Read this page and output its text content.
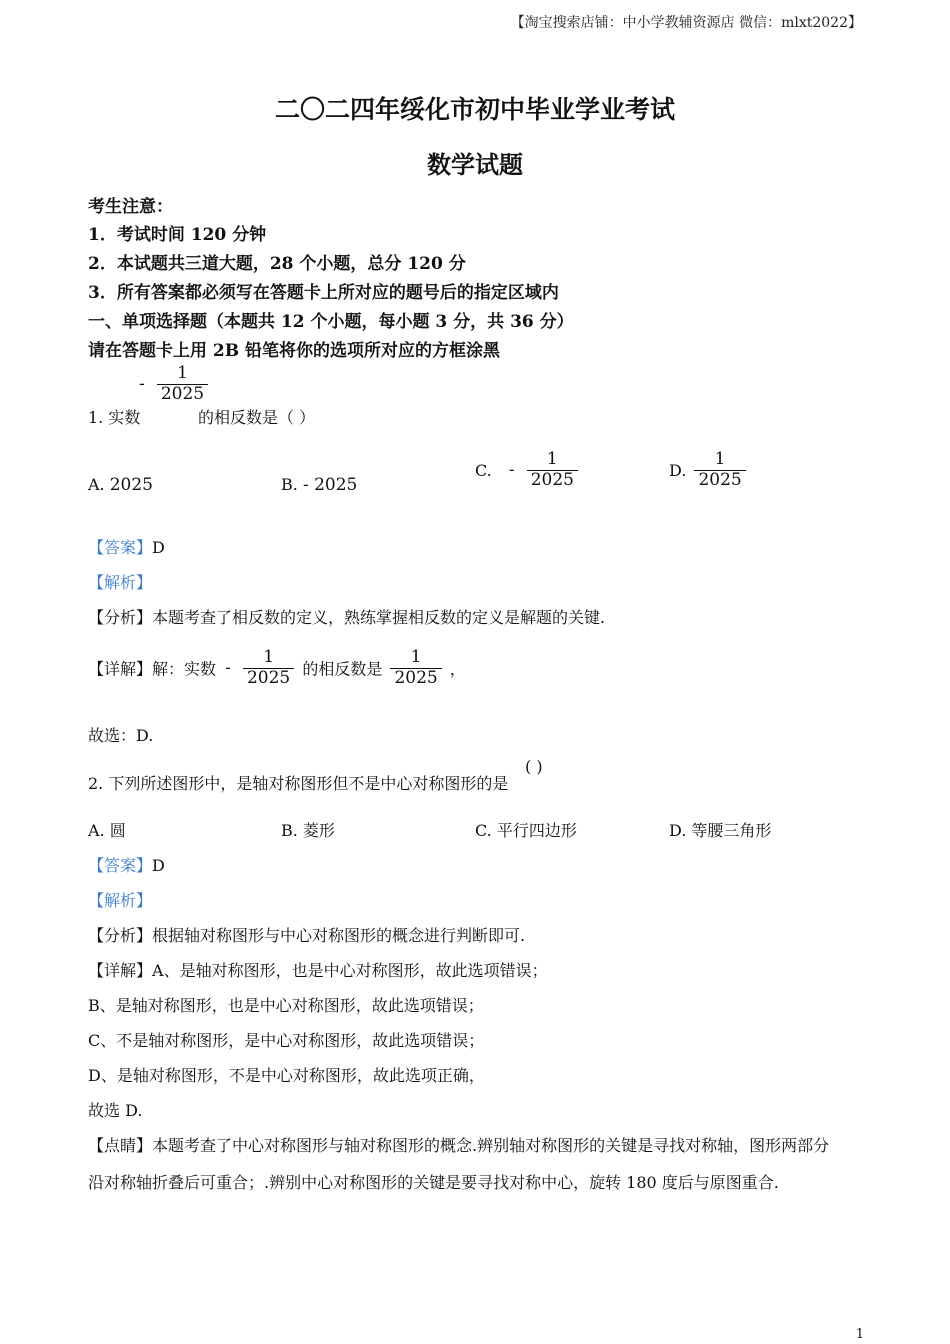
【淘宝搜索店铺：中小学教辅资源店 微信：mlxt2022】
二〇二四年绥化市初中毕业学业考试
数学试题
考生注意：
1．考试时间 120 分钟
2．本试题共三道大题，28 个小题，总分 120 分
3．所有答案都必须写在答题卡上所对应的题号后的指定区域内
一、单项选择题（本题共 12 个小题，每小题 3 分，共 36 分）
请在答题卡上用 2B 铅笔将你的选项所对应的方框涂黑
1. 实数
- $\frac{1}{2025}$
的相反数是（ ）
A. 2025	B. - 2025
C. - $\frac{1}{2025}$	D. $\frac{1}{2025}$
【答案】D
【解析】
【分析】本题考查了相反数的定义，熟练掌握相反数的定义是解题的关键.
【详解】解：实数 - $\frac{1}{2025}$ 的相反数是 $\frac{1}{2025}$ ，
故选：D.
2. 下列所述图形中，是轴对称图形但不是中心对称图形的是
( )
A. 圆	B. 菱形	C. 平行四边形	D. 等腰三角形
【答案】D
【解析】
【分析】根据轴对称图形与中心对称图形的概念进行判断即可.
【详解】A、是轴对称图形，也是中心对称图形，故此选项错误；
B、是轴对称图形，也是中心对称图形，故此选项错误；
C、不是轴对称图形，是中心对称图形，故此选项错误；
D、是轴对称图形，不是中心对称图形，故此选项正确，
故选 D.
【点睛】本题考查了中心对称图形与轴对称图形的概念.辨别轴对称图形的关键是寻找对称轴，图形两部分
沿对称轴折叠后可重合；.辨别中心对称图形的关键是要寻找对称中心，旋转 180 度后与原图重合.
1
